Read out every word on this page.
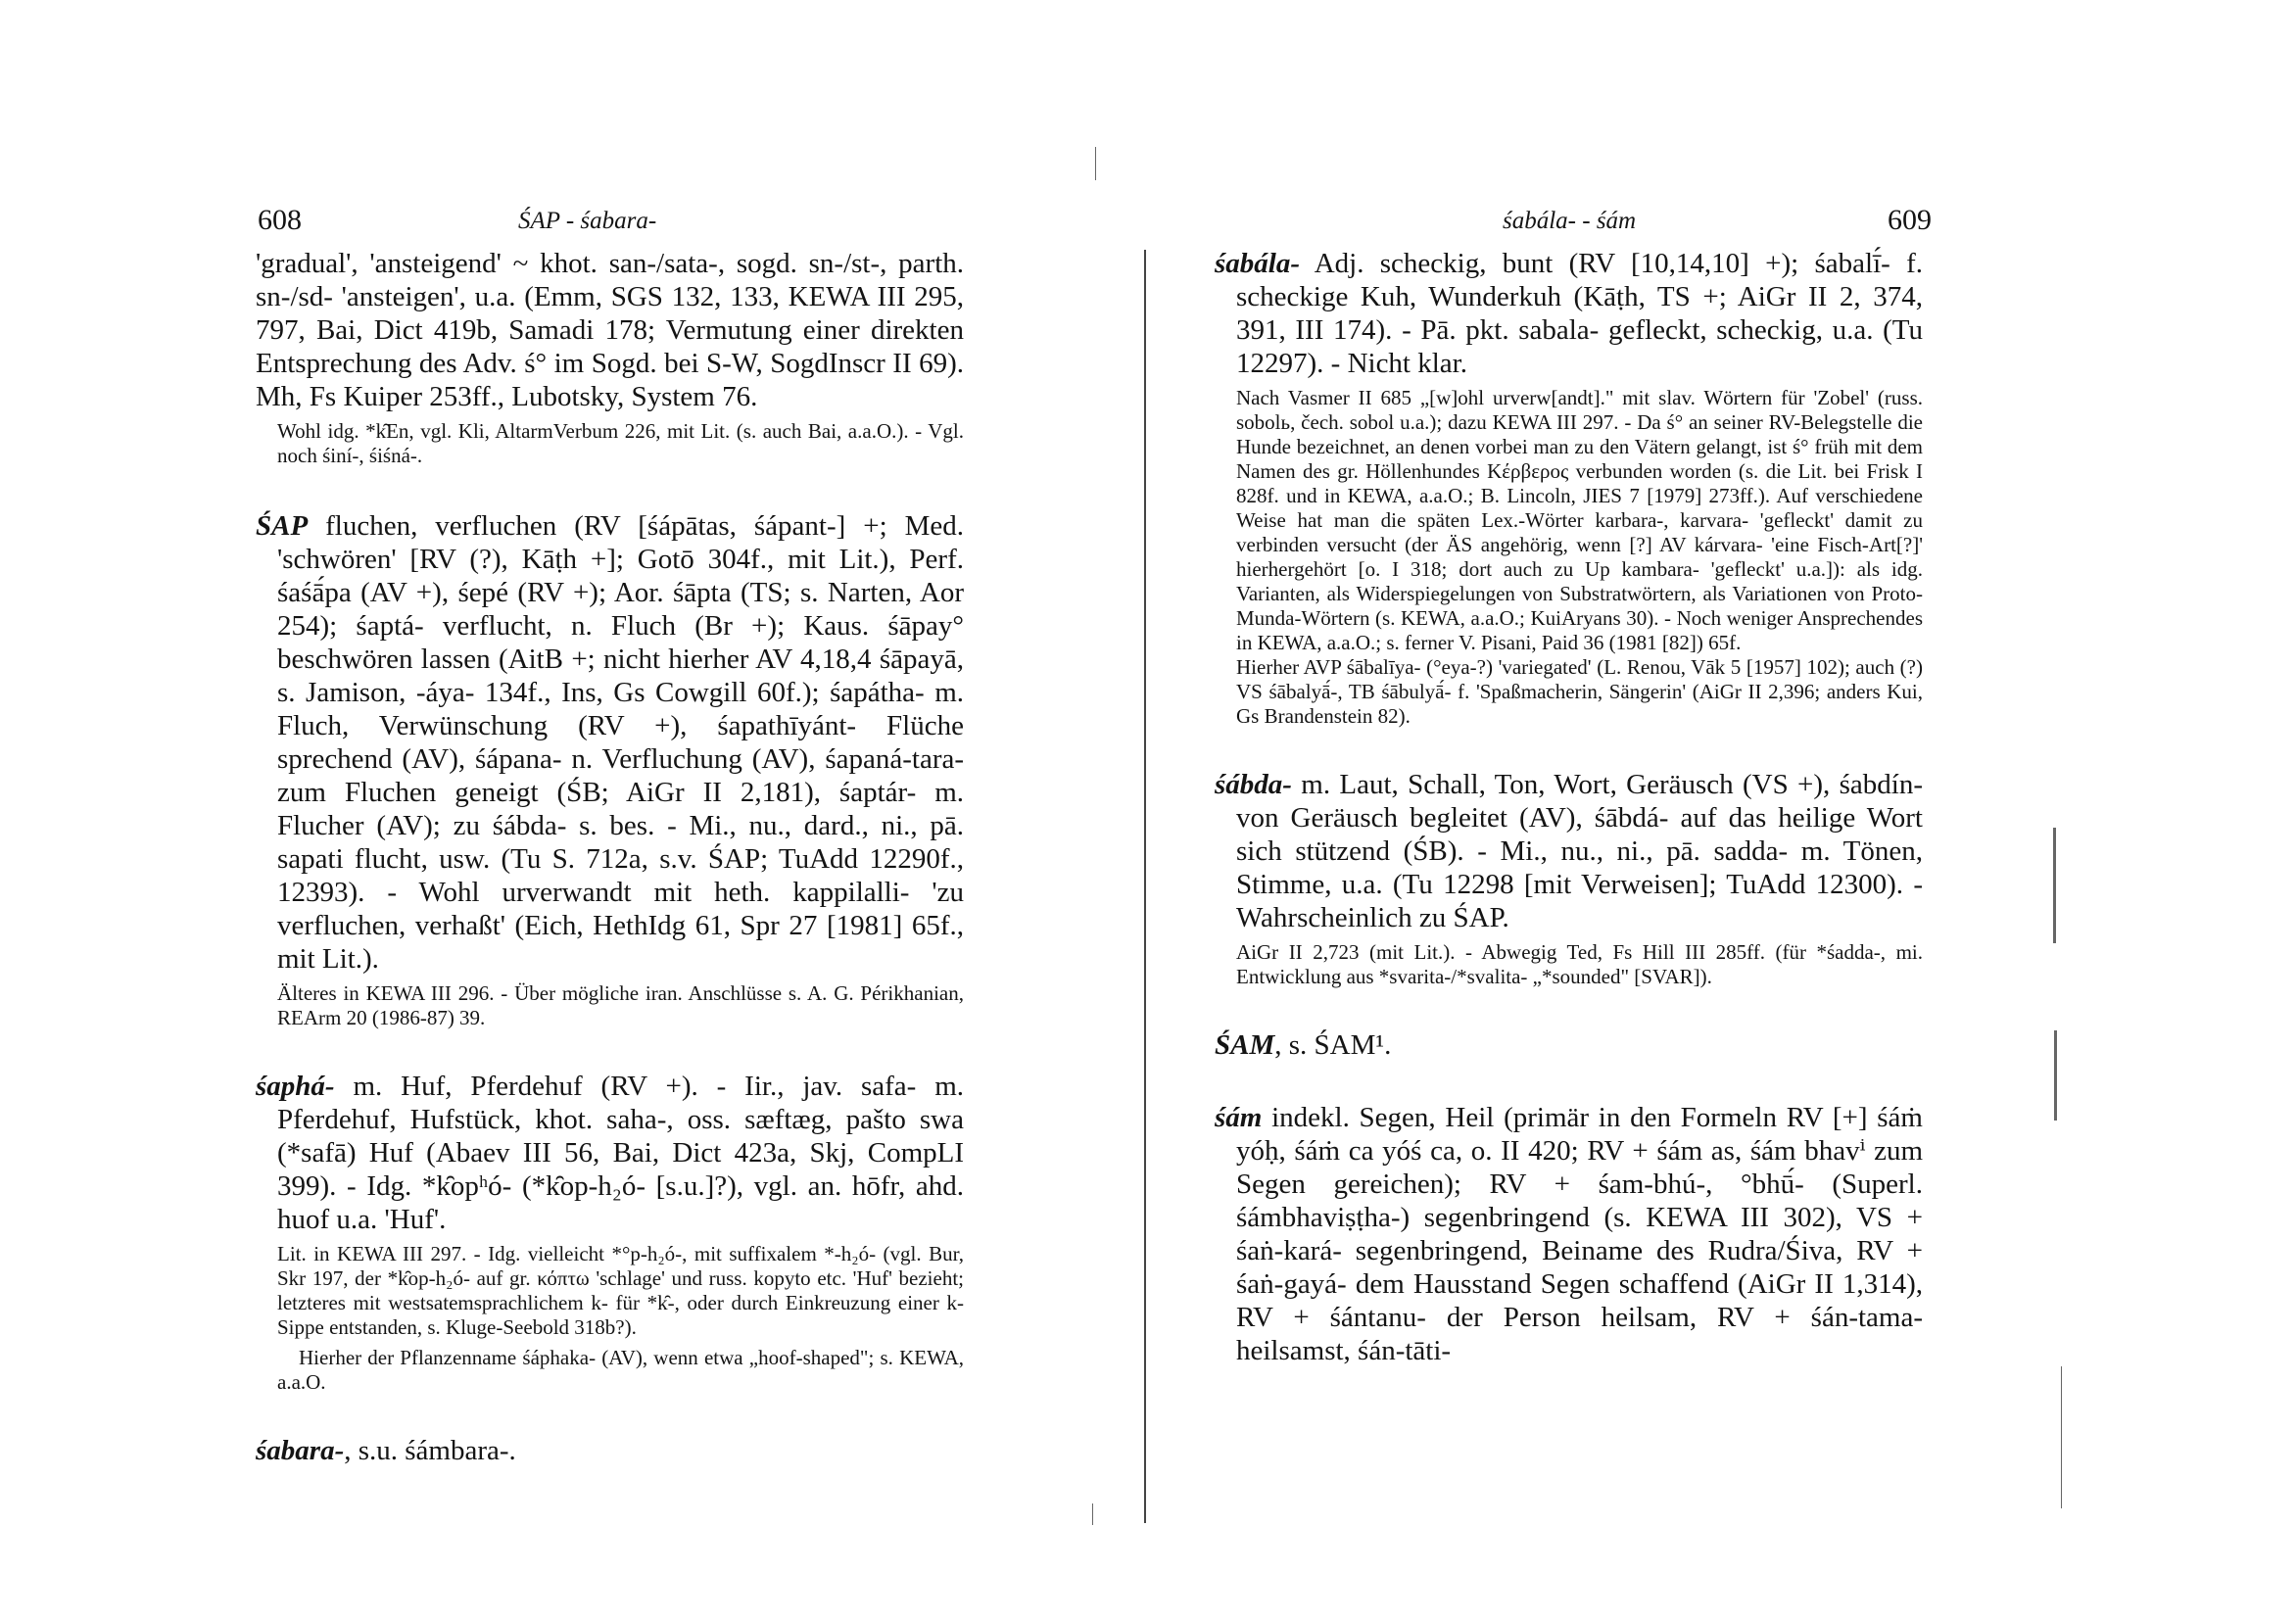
608	ŚAP - śabara-

'gradual', 'ansteigend' ~ khot. san-/sata-, sogd. sn-/st-, parth. sn-/sd- 'ansteigen', u.a. (Emm, SGS 132, 133, KEWA III 295, 797, Bai, Dict 419b, Samadi 178; Vermutung einer direkten Entsprechung des Adv. ś° im Sogd. bei S-W, SogdInscr II 69). Mh, Fs Kuiper 253ff., Lubotsky, System 76.

Wohl idg. *k̑En, vgl. Kli, AltarmVerbum 226, mit Lit. (s. auch Bai, a.a.O.). - Vgl. noch śiní-, śiśná-.

ŚAP fluchen, verfluchen (RV [śápātas, śápant-] +; Med. 'schwören' [RV (?), Kāṭh +]; Gotō 304f., mit Lit.), Perf. śaśā́pa (AV +), śepé (RV +); Aor. śāpta (TS; s. Narten, Aor 254); śaptá- verflucht, n. Fluch (Br +); Kaus. śāpay° beschwören lassen (AitB +; nicht hierher AV 4,18,4 śāpayā, s. Jamison, -áya- 134f., Ins, Gs Cowgill 60f.); śapátha- m. Fluch, Verwünschung (RV +), śapathīyánt- Flüche sprechend (AV), śápana- n. Verfluchung (AV), śapaná-tara- zum Fluchen geneigt (ŚB; AiGr II 2,181), śaptár- m. Flucher (AV); zu śábda- s. bes. - Mi., nu., dard., ni., pā. sapati flucht, usw. (Tu S. 712a, s.v. ŚAP; TuAdd 12290f., 12393). - Wohl urverwandt mit heth. kappilalli- 'zu verfluchen, verhaßt' (Eich, HethIdg 61, Spr 27 [1981] 65f., mit Lit.).

Älteres in KEWA III 296. - Über mögliche iran. Anschlüsse s. A. G. Périkhanian, REArm 20 (1986-87) 39.

śaphá- m. Huf, Pferdehuf (RV +). - Iir., jav. safa- m. Pferdehuf, Hufstück, khot. saha-, oss. sæftæg, pašto swa (*safā) Huf (Abaev III 56, Bai, Dict 423a, Skj, CompLI 399). - Idg. *k̑opʰó- (*k̑op-h₂ó- [s.u.]?), vgl. an. hōfr, ahd. huof u.a. 'Huf'.

Lit. in KEWA III 297. - Idg. vielleicht *°p-h₂ó-, mit suffixalem *-h₂ó- (vgl. Bur, Skr 197, der *k̑op-h₂ó- auf gr. κόπτω 'schlage' und russ. kopyto etc. 'Huf' bezieht; letzteres mit westsatemsprachlichem k- für *k̑-, oder durch Einkreuzung einer k-Sippe entstanden, s. Kluge-Seebold 318b?).

Hierher der Pflanzenname śáphaka- (AV), wenn etwa „hoof-shaped"; s. KEWA, a.a.O.

śabara-, s.u. śámbara-.

śabála- - śám	609

śabála- Adj. scheckig, bunt (RV [10,14,10] +); śabalī́- f. scheckige Kuh, Wunderkuh (Kāṭh, TS +; AiGr II 2, 374, 391, III 174). - Pā. pkt. sabala- gefleckt, scheckig, u.a. (Tu 12297). - Nicht klar.

Nach Vasmer II 685 „[w]ohl urverw[andt]." mit slav. Wörtern für 'Zobel' (russ. sobolь, čech. sobol u.a.); dazu KEWA III 297. - Da ś° an seiner RV-Belegstelle die Hunde bezeichnet, an denen vorbei man zu den Vätern gelangt, ist ś° früh mit dem Namen des gr. Höllenhundes Κέρβερος verbunden worden (s. die Lit. bei Frisk I 828f. und in KEWA, a.a.O.; B. Lincoln, JIES 7 [1979] 273ff.). Auf verschiedene Weise hat man die späten Lex.-Wörter karbara-, karvara- 'gefleckt' damit zu verbinden versucht (der ÄS angehörig, wenn [?] AV kárvara- 'eine Fisch-Art[?]' hierhergehört [o. I 318; dort auch zu Up kambara- 'gefleckt' u.a.]): als idg. Varianten, als Widerspiegelungen von Substratwörtern, als Variationen von Proto-Munda-Wörtern (s. KEWA, a.a.O.; KuiAryans 30). - Noch weniger Ansprechendes in KEWA, a.a.O.; s. ferner V. Pisani, Paid 36 (1981 [82]) 65f.

Hierher AVP śābalīya- (°eya-?) 'variegated' (L. Renou, Vāk 5 [1957] 102); auch (?) VS śābalyā́-, TB śābulyā́- f. 'Spaßmacherin, Sängerin' (AiGr II 2,396; anders Kui, Gs Brandenstein 82).

śábda- m. Laut, Schall, Ton, Wort, Geräusch (VS +), śabdín- von Geräusch begleitet (AV), śābdá- auf das heilige Wort sich stützend (ŚB). - Mi., nu., ni., pā. sadda- m. Tönen, Stimme, u.a. (Tu 12298 [mit Verweisen]; TuAdd 12300). - Wahrscheinlich zu ŚAP.

AiGr II 2,723 (mit Lit.). - Abwegig Ted, Fs Hill III 285ff. (für *śadda-, mi. Entwicklung aus *svarita-/*svalita- „*sounded" [SVAR]).

ŚAM, s. ŚAM¹.

śám indekl. Segen, Heil (primär in den Formeln RV [+] śáṁ yóḥ, śáṁ ca yóś ca, o. II 420; RV + śám as, śám bhavⁱ zum Segen gereichen); RV + śam-bhú-, °bhū́- (Superl. śámbhaviṣṭha-) segenbringend (s. KEWA III 302), VS + śaṅ-kará- segenbringend, Beiname des Rudra/Śiva, RV + śaṅ-gayá- dem Hausstand Segen schaffend (AiGr II 1,314), RV + śántanu- der Person heilsam, RV + śán-tama- heilsamst, śán-tāti-
